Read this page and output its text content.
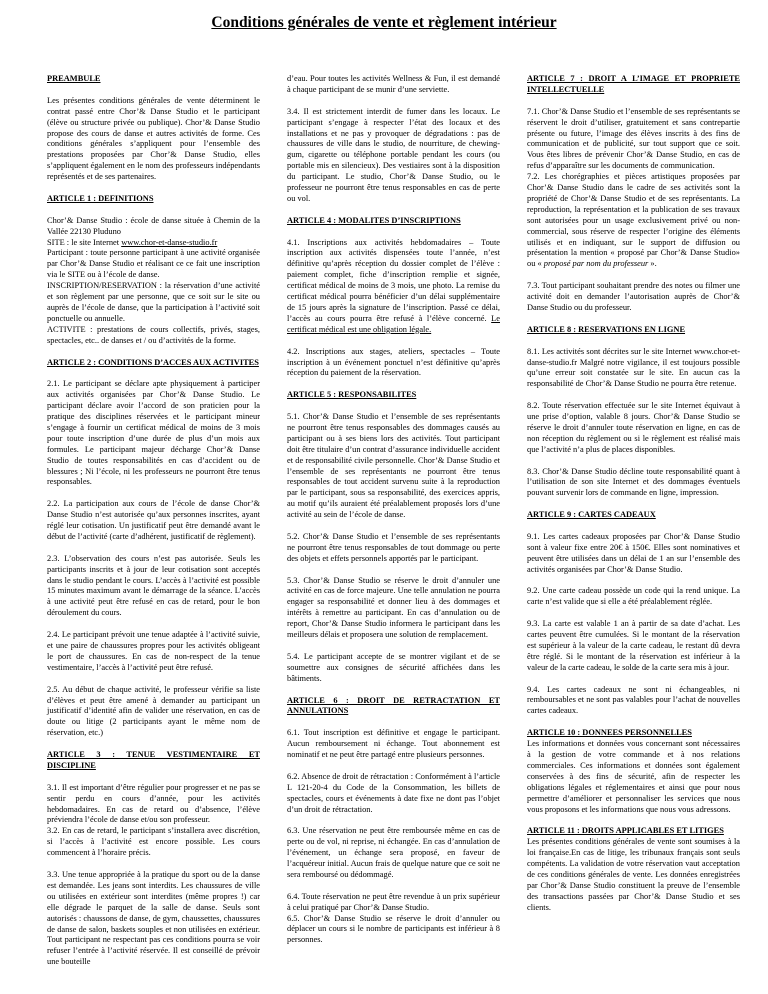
Conditions générales de vente et règlement intérieur
PREAMBULE

Les présentes conditions générales de vente déterminent le contrat passé entre Chor’& Danse Studio et le participant (élève ou structure privée ou publique). Chor’& Danse Studio propose des cours de danse et autres activités de forme. Ces conditions générales s’appliquent pour l’ensemble des prestations proposées par Chor’& Danse Studio, elles s’appliquent également en le nom des professeurs indépendants représentés et de ses partenaires.

ARTICLE 1 : DEFINITIONS

Chor’& Danse Studio : école de danse située à Chemin de la Vallée 22130 Pluduno
SITE : le site Internet www.chor-et-danse-studio.fr
Participant : toute personne participant à une activité organisée par Chor’& Danse Studio et réalisant ce ce fait une inscription via le SITE ou à l’école de danse.
INSCRIPTION/RESERVATION : la réservation d’une activité et son règlement par une personne, que ce soit sur le site ou auprès de l’école de danse, que la participation à l’activité soit ponctuelle ou annuelle.
ACTIVITE : prestations de cours collectifs, privés, stages, spectacles, etc.. de danses et / ou d’activités de la forme.

ARTICLE 2 : CONDITIONS D’ACCES AUX ACTIVITES

2.1. Le participant se déclare apte physiquement à participer aux activités organisées par Chor’& Danse Studio. Le participant déclare avoir l’accord de son praticien pour la pratique des disciplines réservées et le participant mineur s’engage à fournir un certificat médical de moins de 3 mois pour toute inscription d’une durée de plus d’un mois aux formules. Le participant majeur décharge Chor’& Danse Studio de toutes responsabilités en cas d’accident ou de blessures ; Ni l’école, ni les professeurs ne pourront être tenus responsables.

2.2. La participation aux cours de l’école de danse Chor’& Danse Studio n’est autorisée qu’aux personnes inscrites, ayant réglé leur cotisation. Un justificatif peut être demandé avant le début de l’activité (carte d’adhérent, justificatif de règlement).

2.3. L’observation des cours n’est pas autorisée. Seuls les participants inscrits et à jour de leur cotisation sont acceptés dans le studio pendant le cours. L’accès à l’activité est possible 15 minutes maximum avant le démarrage de la séance. L’accès à une activité peut être refusé en cas de retard, pour le bon déroulement du cours.

2.4. Le participant prévoit une tenue adaptée à l’activité suivie, et une paire de chaussures propres pour les activités obligeant le port de chaussures. En cas de non-respect de la tenue vestimentaire, l’accès à l’activité peut être refusé.

2.5. Au début de chaque activité, le professeur vérifie sa liste d’élèves et peut être amené à demander au participant un justificatif d’identité afin de valider une réservation, en cas de doute ou litige (2 participants ayant le même nom de réservation, etc.)

ARTICLE 3 : TENUE VESTIMENTAIRE ET DISCIPLINE

3.1. Il est important d’être régulier pour progresser et ne pas se sentir perdu en cours d’année, pour les activités hebdomadaires. En cas de retard ou d’absence, l’élève préviendra l’école de danse et/ou son professeur.
3.2. En cas de retard, le participant s’installera avec discrétion, si l’accès à l’activité est encore possible. Les cours commencent à l’horaire précis.

3.3. Une tenue appropriée à la pratique du sport ou de la danse est demandée. Les jeans sont interdits. Les chaussures de ville ou utilisées en extérieur sont interdites (même propres !) car elle dégrade le parquet de la salle de danse. Seuls sont autorisés : chaussons de danse, de gym, chaussettes, chaussures de danse de salon, baskets souples et non utilisées en extérieur. Tout participant ne respectant pas ces conditions pourra se voir refuser l’entrée à l’activité réservée. Il est conseillé de prévoir une bouteille

d’eau. Pour toutes les activités Wellness & Fun, il est demandé à chaque participant de se munir d’une serviette.

3.4. Il est strictement interdit de fumer dans les locaux. Le participant s’engage à respecter l’état des locaux et des installations et ne pas y provoquer de dégradations : pas de chaussures de ville dans le studio, de nourriture, de chewing-gum, cigarette ou téléphone portable pendant les cours (ou portable mis en silencieux). Des vestiaires sont à la disposition du participant. Le studio, Chor’& Danse Studio, ou le professeur ne pourront être tenus responsables en cas de perte ou vol.

ARTICLE 4 : MODALITES D’INSCRIPTIONS

4.1. Inscriptions aux activités hebdomadaires – Toute inscription aux activités dispensées toute l’année, n’est définitive qu’après réception du dossier complet de l’élève : paiement complet, fiche d’inscription remplie et signée, certificat médical de moins de 3 mois, une photo. La remise du certificat médical pourra bénéficier d’un délai supplémentaire de 15 jours après la signature de l’inscription. Passé ce délai, l’accès au cours pourra être refusé à l’élève concerné. Le certificat médical est une obligation légale.

4.2. Inscriptions aux stages, ateliers, spectacles – Toute inscription à un événement ponctuel n’est définitive qu’après réception du paiement de la réservation.

ARTICLE 5 : RESPONSABILITES

5.1. Chor’& Danse Studio et l’ensemble de ses représentants ne pourront être tenus responsables des dommages causés au participant ou à ses biens lors des activités. Tout participant doit être titulaire d’un contrat d’assurance individuelle accident et de responsabilité civile personnelle. Chor’& Danse Studio et l’ensemble de ses représentants ne pourront être tenus responsables de tout accident survenu suite à la reproduction par le participant, sous sa responsabilité, des exercices appris, au motif qu’ils auraient été préalablement proposés lors d’une activité au sein de l’école de danse.

5.2. Chor’& Danse Studio et l’ensemble de ses représentants ne pourront être tenus responsables de tout dommage ou perte des objets et effets personnels apportés par le participant.

5.3. Chor’& Danse Studio se réserve le droit d’annuler une activité en cas de force majeure. Une telle annulation ne pourra engager sa responsabilité et donner lieu à des dommages et intérêts à remettre au participant. En cas d’annulation ou de report, Chor’& Danse Studio informera le participant dans les meilleurs délais et proposera une solution de remplacement.

5.4. Le participant accepte de se montrer vigilant et de se soumettre aux consignes de sécurité affichées dans les bâtiments.

ARTICLE 6 : DROIT DE RETRACTATION ET ANNULATIONS

6.1. Tout inscription est définitive et engage le participant. Aucun remboursement ni échange. Tout abonnement est nominatif et ne peut être partagé entre plusieurs personnes.

6.2. Absence de droit de rétractation : Conformément à l’article L 121-20-4 du Code de la Consommation, les billets de spectacles, cours et événements à date fixe ne dont pas l’objet d’un droit de rétractation.

6.3. Une réservation ne peut être remboursée même en cas de perte ou de vol, ni reprise, ni échangée. En cas d’annulation de l’événement, un échange sera proposé, en faveur de l’acquéreur initial. Aucun frais de quelque nature que ce soit ne sera remboursé ou dédommagé.

6.4. Toute réservation ne peut être revendue à un prix supérieur à celui pratiqué par Chor’& Danse Studio.
6.5. Chor’& Danse Studio se réserve le droit d’annuler ou déplacer un cours si le nombre de participants est inférieur à 8 personnes.

ARTICLE 7 : DROIT A L’IMAGE ET PROPRIETE INTELLECTUELLE

7.1. Chor’& Danse Studio et l’ensemble de ses représentants se réservent le droit d’utiliser, gratuitement et sans contrepartie présente ou future, l’image des élèves inscrits à des fins de communication et de publicité, sur tout support que ce soit. Vous êtes libres de prévenir Chor’& Danse Studio, en cas de refus d’apparaître sur les documents de communication.
7.2. Les chorégraphies et pièces artistiques proposées par Chor’& Danse Studio dans le cadre de ses activités sont la propriété de Chor’& Danse Studio et de ses représentants. La reproduction, la représentation et la publication de ses travaux sont autorisées pour un usage exclusivement privé ou non-commercial, sous réserve de respecter l’origine des éléments utilisés et en indiquant, sur le support de diffusion ou présentation la mention « proposé par Chor’& Danse Studio» ou « proposé par nom du professeur ».

7.3. Tout participant souhaitant prendre des notes ou filmer une activité doit en demander l’autorisation auprès de Chor’& Danse Studio ou du professeur.

ARTICLE 8 : RESERVATIONS EN LIGNE

8.1. Les activités sont décrites sur le site Internet www.chor-et-danse-studio.fr Malgré notre vigilance, il est toujours possible qu’une erreur soit constatée sur le site. En aucun cas la responsabilité de Chor’& Danse Studio ne pourra être retenue.

8.2. Toute réservation effectuée sur le site Internet équivaut à une prise d’option, valable 8 jours. Chor’& Danse Studio se réserve le droit d’annuler toute réservation en ligne, en cas de non réception du règlement ou si le règlement est réalisé mais que l’activité n’a plus de places disponibles.

8.3. Chor’& Danse Studio décline toute responsabilité quant à l’utilisation de son site Internet et des dommages éventuels pouvant survenir lors de commande en ligne, impression.

ARTICLE 9 : CARTES CADEAUX

9.1. Les cartes cadeaux proposées par Chor’& Danse Studio sont à valeur fixe entre 20€ à 150€. Elles sont nominatives et peuvent être utilisées dans un délai de 1 an sur l’ensemble des activités organisées par Chor’& Danse Studio.

9.2. Une carte cadeau possède un code qui la rend unique. La carte n’est valide que si elle a été préalablement réglée.

9.3. La carte est valable 1 an à partir de sa date d’achat. Les cartes peuvent être cumulées. Si le montant de la réservation est supérieur à la valeur de la carte cadeau, le restant dû devra être réglé. Si le montant de la réservation est inférieur à la valeur de la carte cadeau, le solde de la carte sera mis à jour.

9.4. Les cartes cadeaux ne sont ni échangeables, ni remboursables et ne sont pas valables pour l’achat de nouvelles cartes cadeaux.

ARTICLE 10 : DONNEES PERSONNELLES

Les informations et données vous concernant sont nécessaires à la gestion de votre commande et à nos relations commerciales. Ces informations et données sont également conservées à des fins de sécurité, afin de respecter les obligations légales et réglementaires et ainsi que pour nous permettre d’améliorer et personnaliser les services que nous vous proposons et les informations que nous vous adressons.

ARTICLE 11 : DROITS APPLICABLES ET LITIGES

Les présentes conditions générales de vente sont soumises à la loi française.En cas de litige, les tribunaux français sont seuls compétents. La validation de votre réservation vaut acceptation de ces conditions générales de vente. Les données enregistrées par Chor’& Danse Studio constituent la preuve de l’ensemble des transactions passées par Chor’& Danse Studio et ses clients.
